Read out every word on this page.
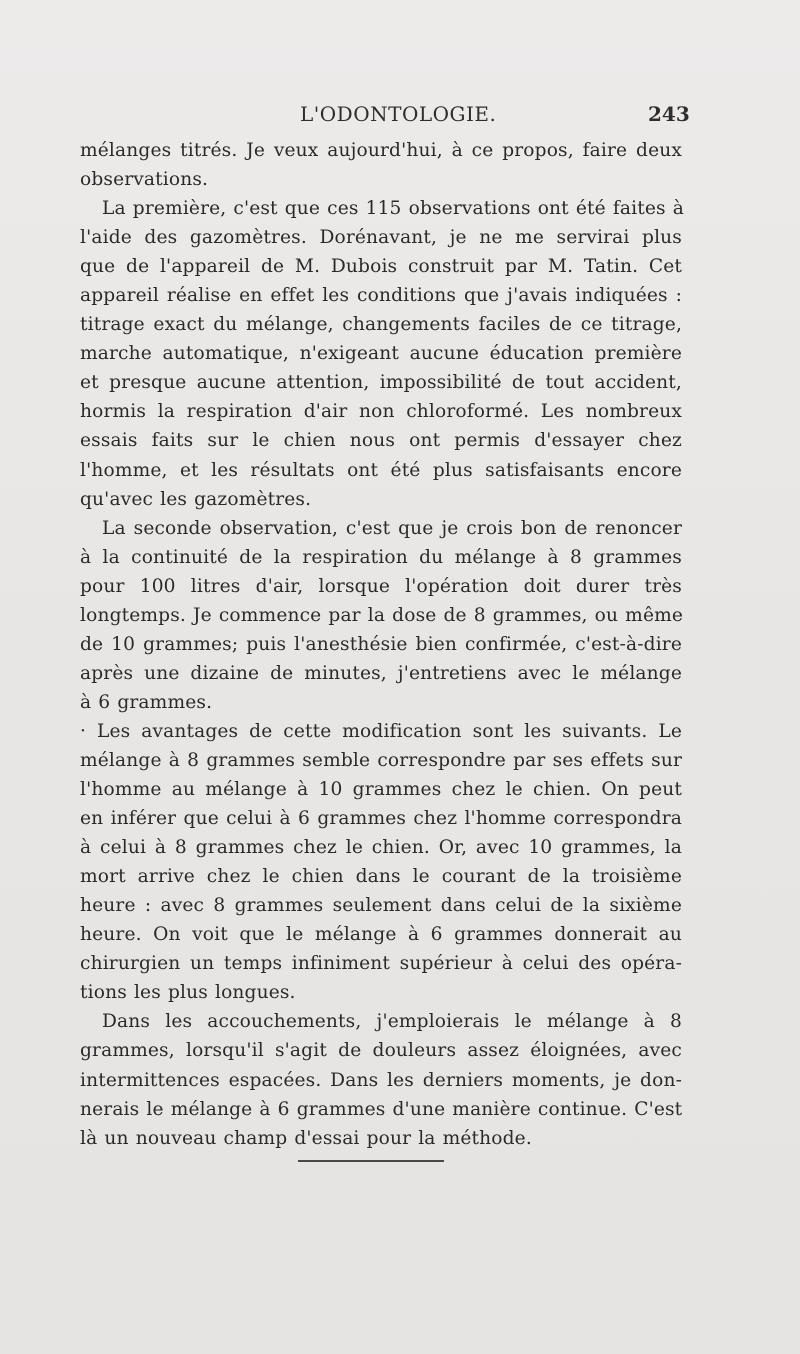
L'ODONTOLOGIE.	243
mélanges titrés. Je veux aujourd'hui, à ce propos, faire deux
observations.
La première, c'est que ces 115 observations ont été faites à
l'aide des gazomètres. Dorénavant, je ne me servirai plus
que de l'appareil de M. Dubois construit par M. Tatin. Cet
appareil réalise en effet les conditions que j'avais indiquées :
titrage exact du mélange, changements faciles de ce titrage,
marche automatique, n'exigeant aucune éducation première
et presque aucune attention, impossibilité de tout accident,
hormis la respiration d'air non chloroformé. Les nombreux
essais faits sur le chien nous ont permis d'essayer chez
l'homme, et les résultats ont été plus satisfaisants encore
qu'avec les gazomètres.
La seconde observation, c'est que je crois bon de renoncer
à la continuité de la respiration du mélange à 8 grammes
pour 100 litres d'air, lorsque l'opération doit durer très
longtemps. Je commence par la dose de 8 grammes, ou même
de 10 grammes; puis l'anesthésie bien confirmée, c'est-à-dire
après une dizaine de minutes, j'entretiens avec le mélange
à 6 grammes.
· Les avantages de cette modification sont les suivants. Le
mélange à 8 grammes semble correspondre par ses effets sur
l'homme au mélange à 10 grammes chez le chien. On peut
en inférer que celui à 6 grammes chez l'homme correspondra
à celui à 8 grammes chez le chien. Or, avec 10 grammes, la
mort arrive chez le chien dans le courant de la troisième
heure : avec 8 grammes seulement dans celui de la sixième
heure. On voit que le mélange à 6 grammes donnerait au
chirurgien un temps infiniment supérieur à celui des opéra-
tions les plus longues.
Dans les accouchements, j'emploierais le mélange à 8
grammes, lorsqu'il s'agit de douleurs assez éloignées, avec
intermittences espacées. Dans les derniers moments, je don-
nerais le mélange à 6 grammes d'une manière continue. C'est
là un nouveau champ d'essai pour la méthode.
